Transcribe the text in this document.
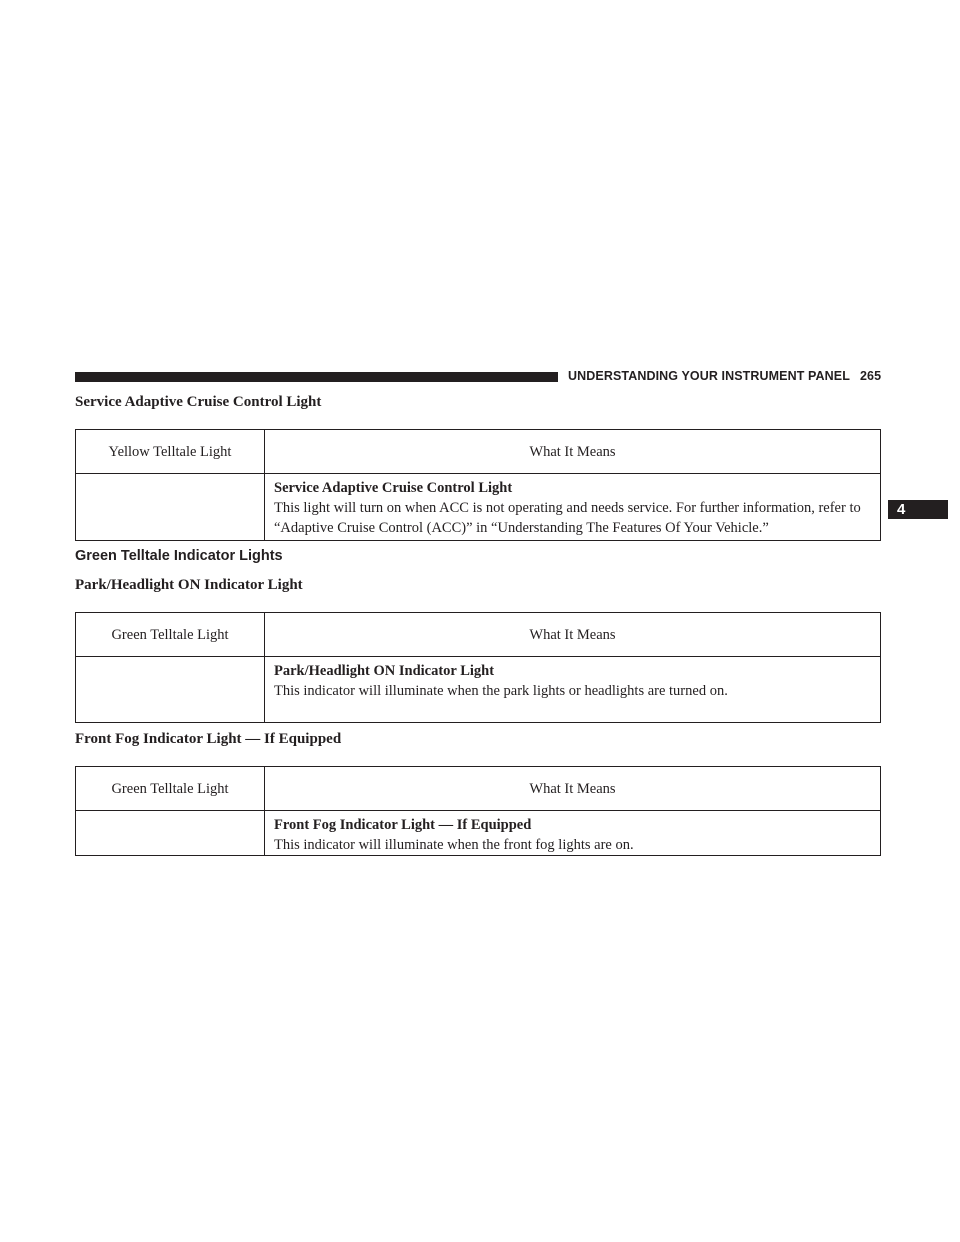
UNDERSTANDING YOUR INSTRUMENT PANEL 265
4
Service Adaptive Cruise Control Light
Yellow Telltale Light	What It Means

	Service Adaptive Cruise Control Light
This light will turn on when ACC is not operating and needs service. For further information, refer to “Adaptive Cruise Control (ACC)” in “Understanding The Features Of Your Vehicle.”
Green Telltale Indicator Lights
Park/Headlight ON Indicator Light
Green Telltale Light	What It Means

	Park/Headlight ON Indicator Light
This indicator will illuminate when the park lights or headlights are turned on.
Front Fog Indicator Light — If Equipped
Green Telltale Light	What It Means

	Front Fog Indicator Light — If Equipped
This indicator will illuminate when the front fog lights are on.
